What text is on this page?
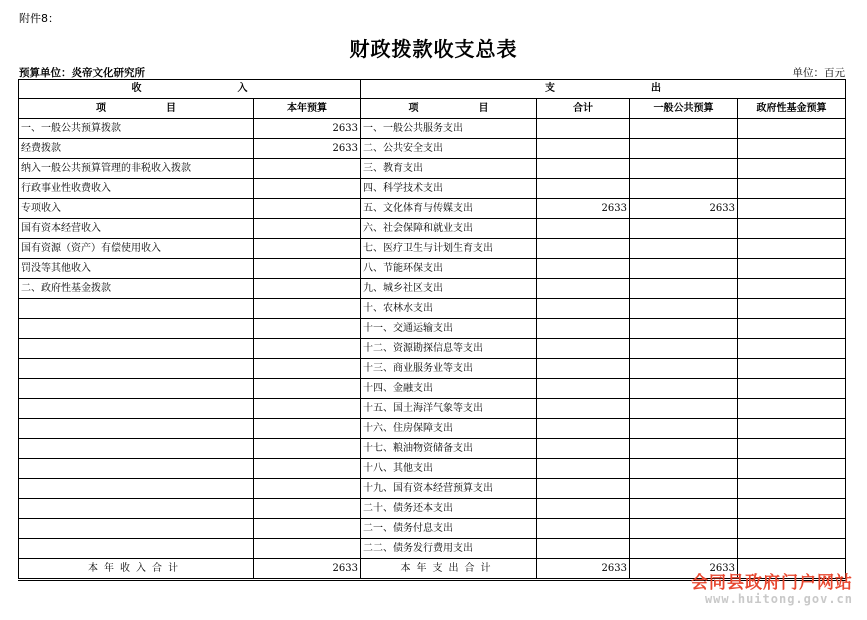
附件8：
财政拨款收支总表
预算单位：炎帝文化研究所	单位：百元
收 入		支 出			
项 目	本年预算	项 目	合计	一般公共预算	政府性基金预算
一、一般公共预算拨款	2633	一、一般公共服务支出			
经费拨款	2633	二、公共安全支出			
纳入一般公共预算管理的非税收入拨款		三、教育支出			
行政事业性收费收入		四、科学技术支出			
专项收入		五、文化体育与传媒支出	2633	2633	
国有资本经营收入		六、社会保障和就业支出			
国有资源（资产）有偿使用收入		七、医疗卫生与计划生育支出			
罚没等其他收入		八、节能环保支出			
二、政府性基金拨款		九、城乡社区支出			
		十、农林水支出			
		十一、交通运输支出			
		十二、资源勘探信息等支出			
		十三、商业服务业等支出			
		十四、金融支出			
		十五、国土海洋气象等支出			
		十六、住房保障支出			
		十七、粮油物资储备支出			
		十八、其他支出			
		十九、国有资本经营预算支出			
		二十、债务还本支出			
		二一、债务付息支出			
		二二、债务发行费用支出			
本年收入合计	2633	本年支出合计	2633	2633	
会同县政府门户网站
www.huitong.gov.cn
